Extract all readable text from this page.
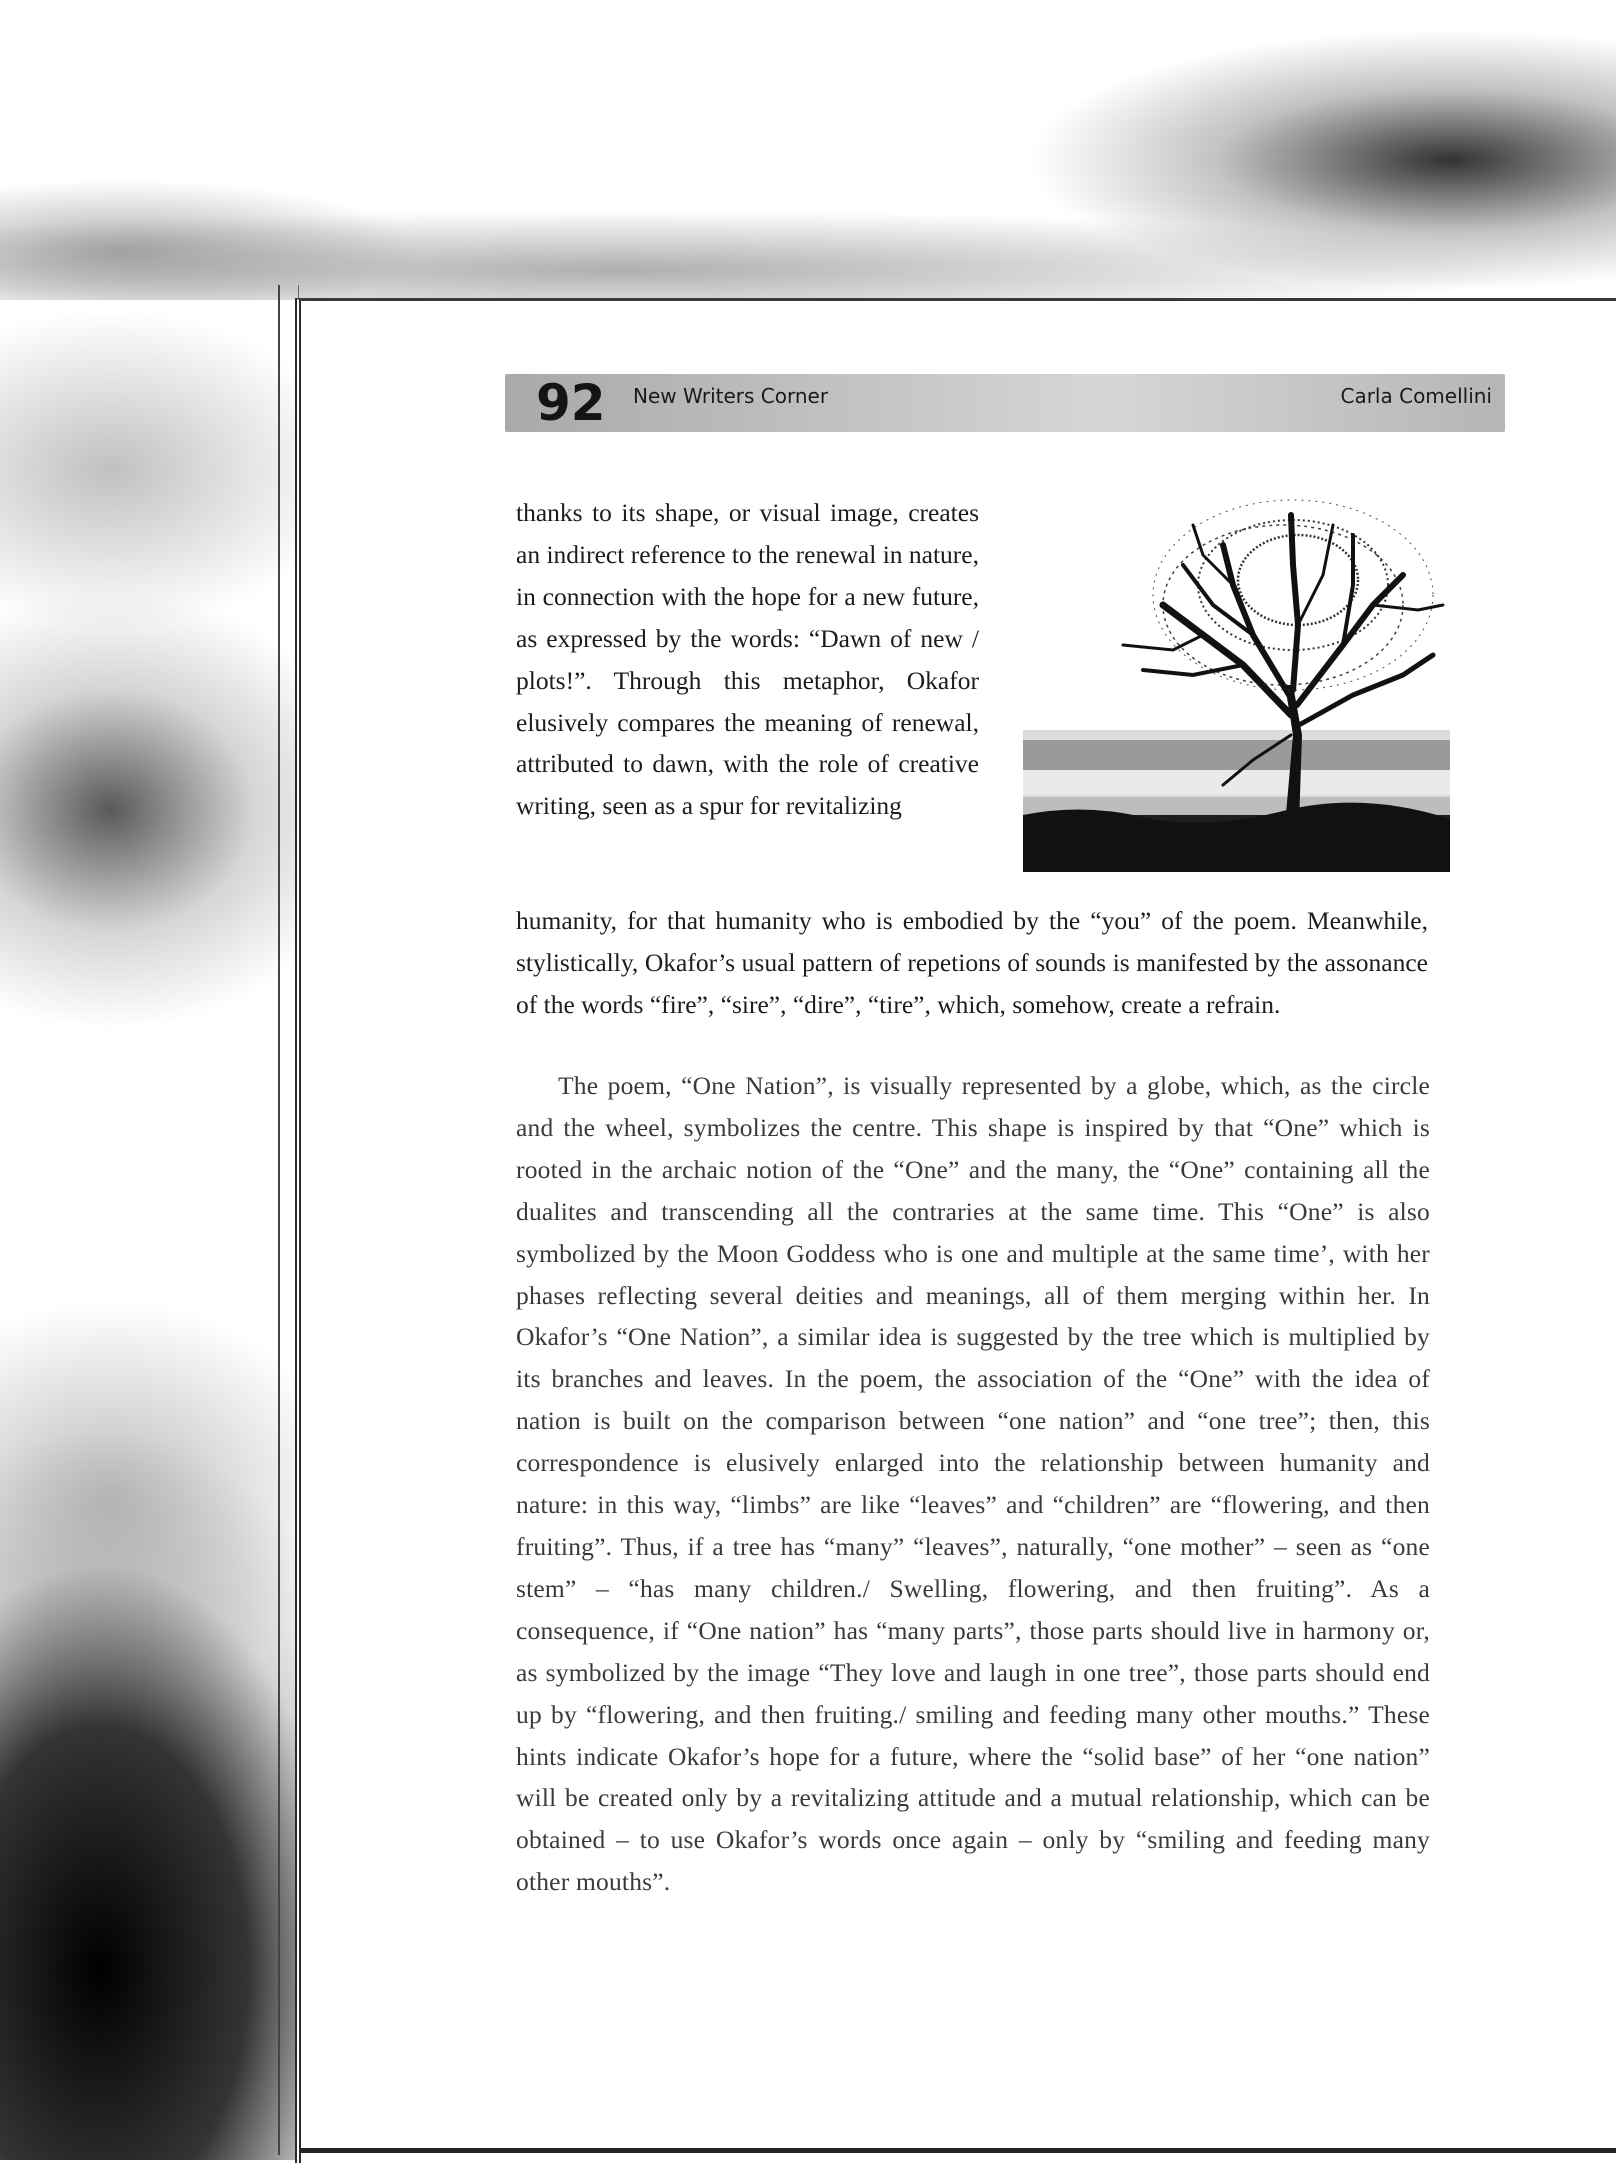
92 New Writers Corner	Carla Comellini

thanks to its shape, or visual image, creates an indirect reference to the renewal in nature, in connection with the hope for a new future, as expressed by the words: “Dawn of new / plots!”. Through this metaphor, Okafor elusively compares the meaning of renewal, attributed to dawn, with the role of creative writing, seen as a spur for revitalizing

humanity, for that humanity who is embodied by the “you” of the poem. Meanwhile, stylistically, Okafor’s usual pattern of repetions of sounds is manifested by the assonance of the words “fire”, “sire”, “dire”, “tire”, which, somehow, create a refrain.

The poem, “One Nation”, is visually represented by a globe, which, as the circle and the wheel, symbolizes the centre. This shape is inspired by that “One” which is rooted in the archaic notion of the “One” and the many, the “One” containing all the dualites and transcending all the contraries at the same time. This “One” is also symbolized by the Moon Goddess who is one and multiple at the same time’, with her phases reflecting several deities and meanings, all of them merging within her. In Okafor’s “One Nation”, a similar idea is suggested by the tree which is multiplied by its branches and leaves. In the poem, the association of the “One” with the idea of nation is built on the comparison between “one nation” and “one tree”; then, this correspondence is elusively enlarged into the relationship between humanity and nature: in this way, “limbs” are like “leaves” and “children” are “flowering, and then fruiting”. Thus, if a tree has “many” “leaves”, naturally, “one mother” – seen as “one stem” – “has many children./ Swelling, flowering, and then fruiting”. As a consequence, if “One nation” has “many parts”, those parts should live in harmony or, as symbolized by the image “They love and laugh in one tree”, those parts should end up by “flowering, and then fruiting./ smiling and feeding many other mouths.” These hints indicate Okafor’s hope for a future, where the “solid base” of her “one nation” will be created only by a revitalizing attitude and a mutual relationship, which can be obtained – to use Okafor’s words once again – only by “smiling and feeding many other mouths”.
